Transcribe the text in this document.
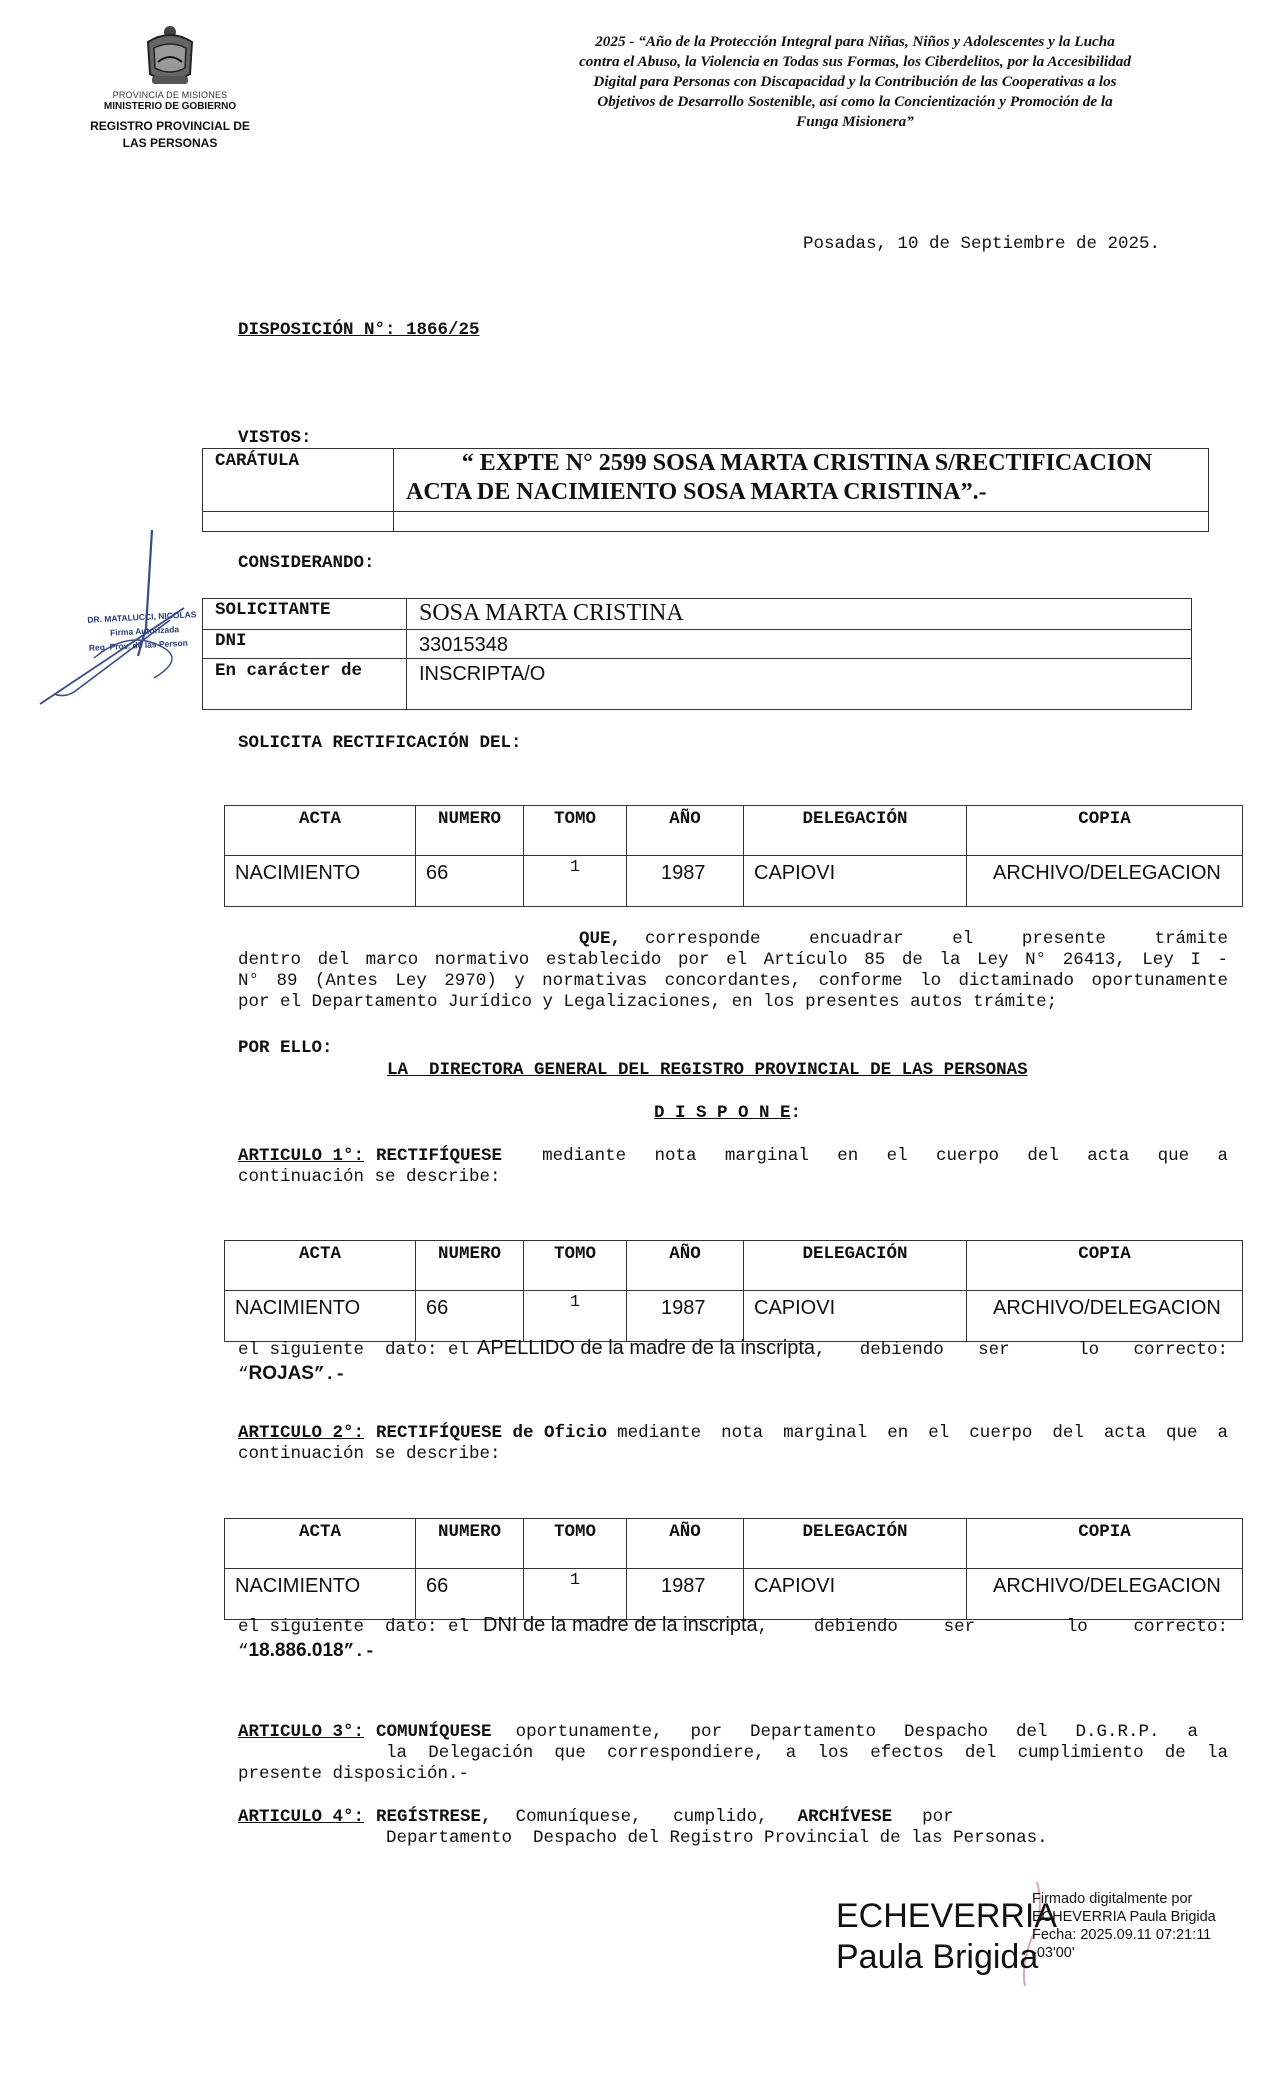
PROVINCIA DE MISIONES
MINISTERIO DE GOBIERNO
REGISTRO PROVINCIAL DE
LAS PERSONAS
2025 - “Año de la Protección Integral para Niñas, Niños y Adolescentes y la Lucha
contra el Abuso, la Violencia en Todas sus Formas, los Ciberdelitos, por la Accesibilidad
Digital para Personas con Discapacidad y la Contribución de las Cooperativas a los
Objetivos de Desarrollo Sostenible, así como la Concientización y Promoción de la
Funga Misionera”
Posadas, 10 de Septiembre de 2025.
DISPOSICIÓN N°: 1866/25
VISTOS:
CARÁTULA	“ EXPTE N° 2599 SOSA MARTA CRISTINA S/RECTIFICACION
ACTA DE NACIMIENTO SOSA MARTA CRISTINA”.-

CONSIDERANDO:
DR. MATALUCCI, NICOLAS
Firma Autorizada
Reg. Prov. de las Person
SOLICITANTE	SOSA MARTA CRISTINA

DNI	33015348

En carácter de	INSCRIPTA/O
SOLICITA RECTIFICACIÓN DEL:
ACTA	NUMERO	TOMO	AÑO	DELEGACIÓN	COPIA
NACIMIENTO	66	1	1987	CAPIOVI	ARCHIVO/DELEGACION
QUE,	corresponde encuadrar el presente trámite
dentro del marco normativo establecido por el Artículo 85 de la Ley N° 26413, Ley I -
N° 89 (Antes Ley 2970) y normativas concordantes, conforme lo dictaminado oportunamente
por el Departamento Jurídico y Legalizaciones, en los presentes autos trámite;
POR ELLO:
LA  DIRECTORA GENERAL DEL REGISTRO PROVINCIAL DE LAS PERSONAS
D I S P O N E:
ARTICULO 1°: RECTIFÍQUESE mediante nota marginal en el cuerpo del acta que a
continuación se describe:
ACTA	NUMERO	TOMO	AÑO	DELEGACIÓN	COPIA
NACIMIENTO	66	1	1987	CAPIOVI	ARCHIVO/DELEGACION
el siguiente  dato: el APELLIDO de la madre de la inscripta , debiendo ser  lo correcto:
“ROJAS”.-
ARTICULO 2°: RECTIFÍQUESE de Oficio mediante nota marginal en el cuerpo del acta que a
continuación se describe:
ACTA	NUMERO	TOMO	AÑO	DELEGACIÓN	COPIA
NACIMIENTO	66	1	1987	CAPIOVI	ARCHIVO/DELEGACION
el siguiente  dato: el DNI de la madre de la inscripta , debiendo ser  lo correcto:
“18.886.018”.-
ARTICULO 3°: COMUNÍQUESE oportunamente, por Departamento Despacho del D.G.R.P. a
la Delegación que correspondiere, a los efectos del cumplimiento de la
presente disposición.-
ARTICULO 4°: REGÍSTRESE, Comuníquese,   cumplido, ARCHÍVESE por
Departamento  Despacho del Registro Provincial de las Personas.
ECHEVERRIA
Paula Brigida
Firmado digitalmente por
ECHEVERRIA Paula Brigida
Fecha: 2025.09.11 07:21:11
-03'00'
